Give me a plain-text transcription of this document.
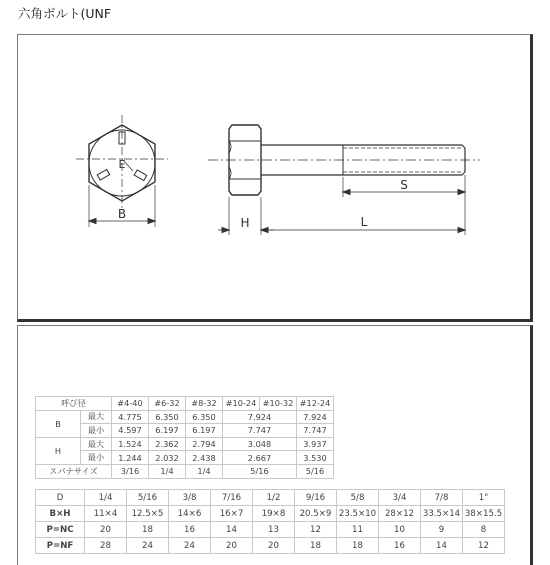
六角ボルト(UNF
E
B
H
S
L
呼び径		#4-40	#6-32	#8-32	#10-24	#10-32	#12-24
B	最大	4.775	6.350	6.350	7.924		7.924
	最小	4.597	6.197	6.197	7.747		7.747
H	最大	1.524	2.362	2.794	3.048		3.937
	最小	1.244	2.032	2.438	2.667		3.530
スパナサイズ		3/16	1/4	1/4	5/16		5/16
D	1/4	5/16	3/8	7/16	1/2	9/16	5/8	3/4	7/8	1"
B×H	11×4	12.5×5	14×6	16×7	19×8	20.5×9	23.5×10	28×12	33.5×14	38×15.5
P=NC	20	18	16	14	13	12	11	10	9	8
P=NF	28	24	24	20	20	18	18	16	14	12
